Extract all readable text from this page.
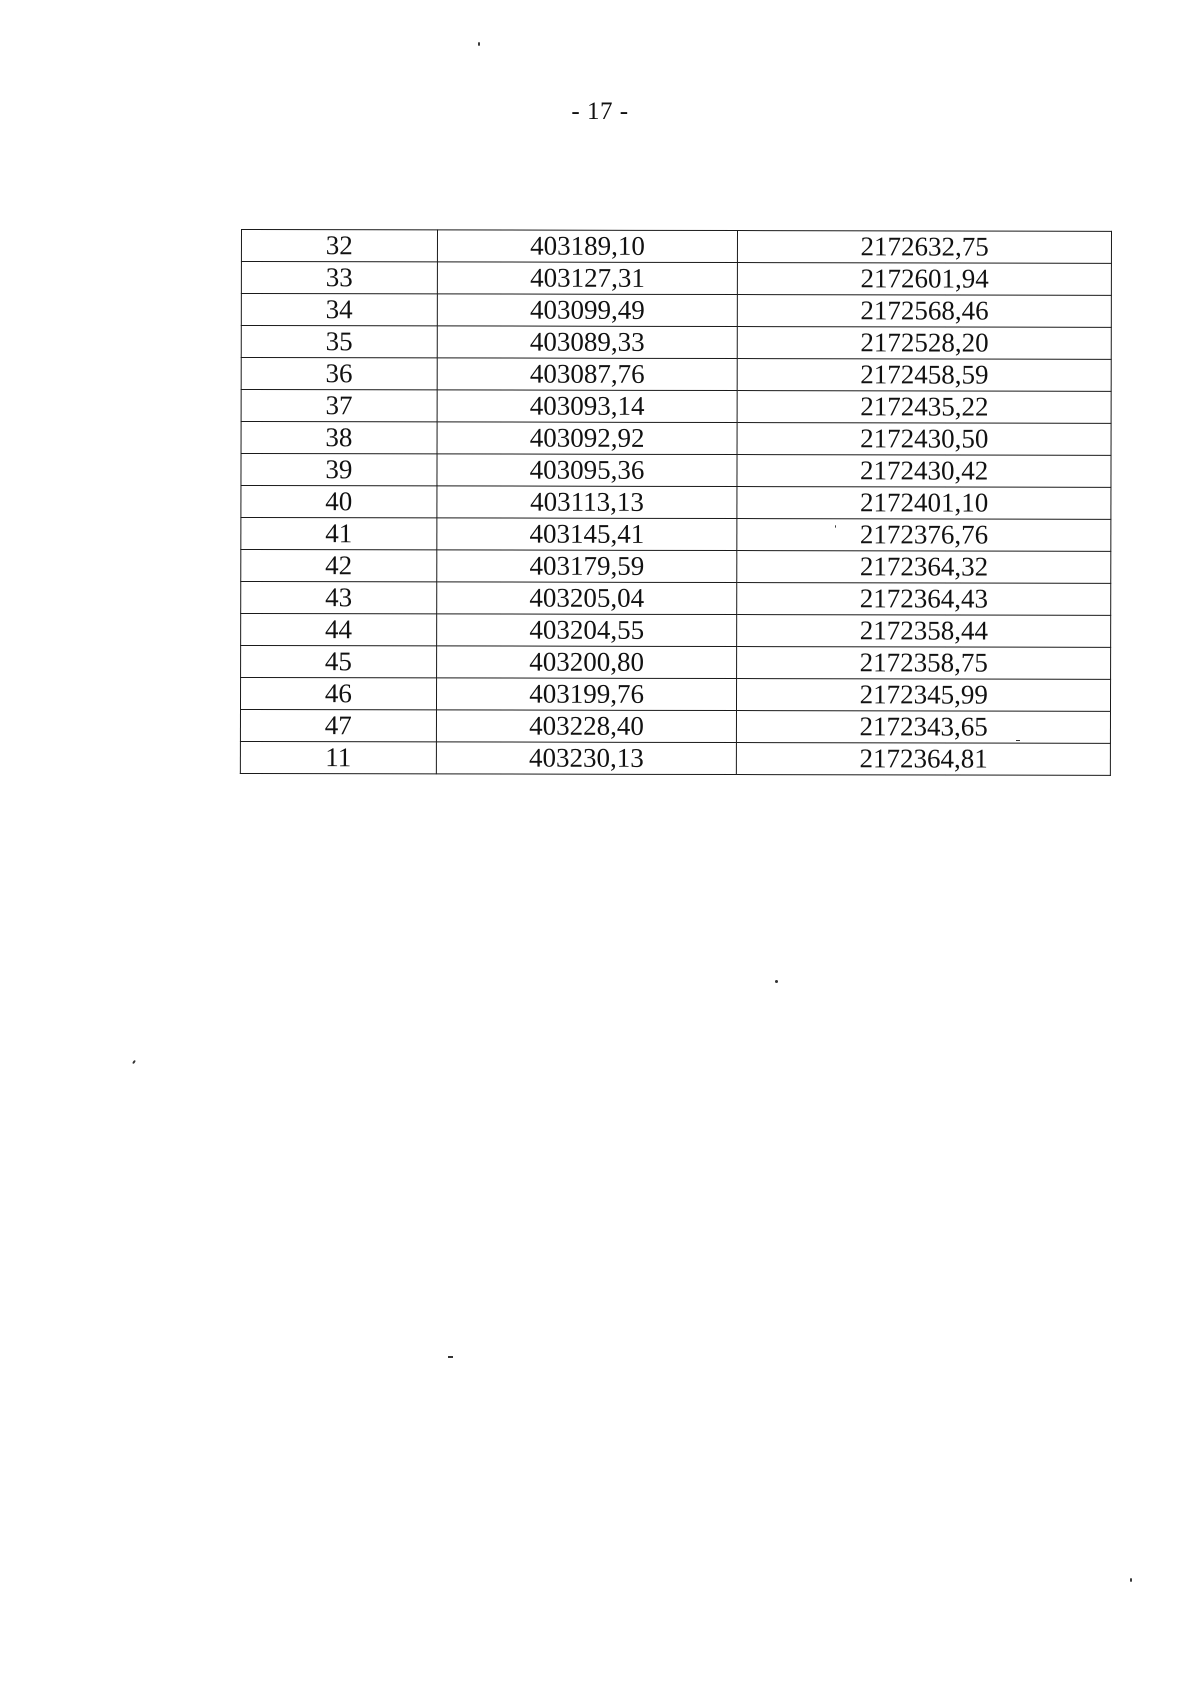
- 17 -
32	403189,10	2172632,75
33	403127,31	2172601,94
34	403099,49	2172568,46
35	403089,33	2172528,20
36	403087,76	2172458,59
37	403093,14	2172435,22
38	403092,92	2172430,50
39	403095,36	2172430,42
40	403113,13	2172401,10
41	403145,41	2172376,76
42	403179,59	2172364,32
43	403205,04	2172364,43
44	403204,55	2172358,44
45	403200,80	2172358,75
46	403199,76	2172345,99
47	403228,40	2172343,65
11	403230,13	2172364,81
